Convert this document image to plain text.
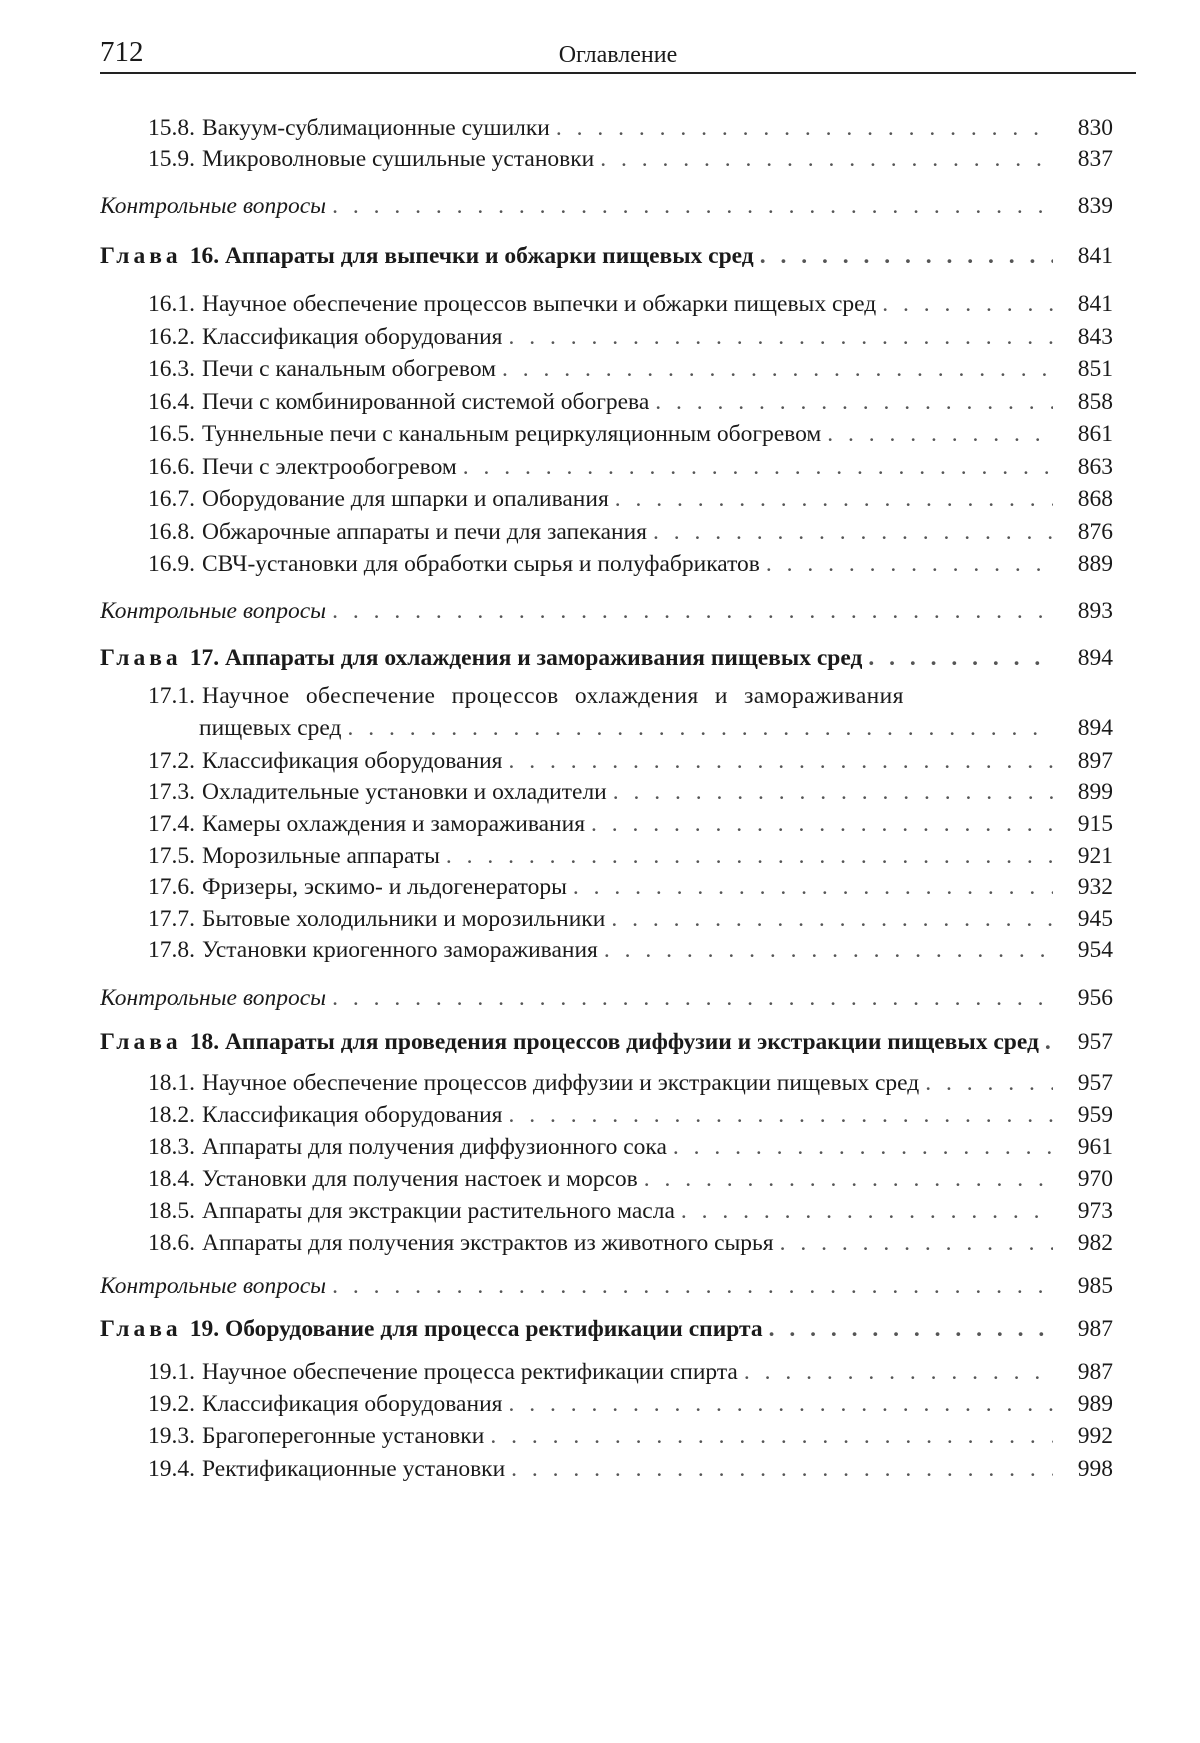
712	Оглавление
15.8. Вакуум-сублимационные сушилки . . .	830
15.9. Микроволновые сушильные установки . . .	837
Контрольные вопросы . . .	839
Глава 16. Аппараты для выпечки и обжарки пищевых сред . . .	841
16.1. Научное обеспечение процессов выпечки и обжарки пищевых сред . . .	841
16.2. Классификация оборудования . . .	843
16.3. Печи с канальным обогревом . . .	851
16.4. Печи с комбинированной системой обогрева . . .	858
16.5. Туннельные печи с канальным рециркуляционным обогревом . . .	861
16.6. Печи с электрообогревом . . .	863
16.7. Оборудование для шпарки и опаливания . . .	868
16.8. Обжарочные аппараты и печи для запекания . . .	876
16.9. СВЧ-установки для обработки сырья и полуфабрикатов . . .	889
Контрольные вопросы . . .	893
Глава 17. Аппараты для охлаждения и замораживания пищевых сред . . .	894
17.1. Научное обеспечение процессов охлаждения и замораживания
пищевых сред . . .	894
17.2. Классификация оборудования . . .	897
17.3. Охладительные установки и охладители . . .	899
17.4. Камеры охлаждения и замораживания . . .	915
17.5. Морозильные аппараты . . .	921
17.6. Фризеры, эскимо- и льдогенераторы . . .	932
17.7. Бытовые холодильники и морозильники . . .	945
17.8. Установки криогенного замораживания . . .	954
Контрольные вопросы . . .	956
Глава 18. Аппараты для проведения процессов диффузии и экстракции пищевых сред . . .	957
18.1. Научное обеспечение процессов диффузии и экстракции пищевых сред . . .	957
18.2. Классификация оборудования . . .	959
18.3. Аппараты для получения диффузионного сока . . .	961
18.4. Установки для получения настоек и морсов . . .	970
18.5. Аппараты для экстракции растительного масла . . .	973
18.6. Аппараты для получения экстрактов из животного сырья . . .	982
Контрольные вопросы . . .	985
Глава 19. Оборудование для процесса ректификации спирта . . .	987
19.1. Научное обеспечение процесса ректификации спирта . . .	987
19.2. Классификация оборудования . . .	989
19.3. Брагоперегонные установки . . .	992
19.4. Ректификационные установки . . .	998
